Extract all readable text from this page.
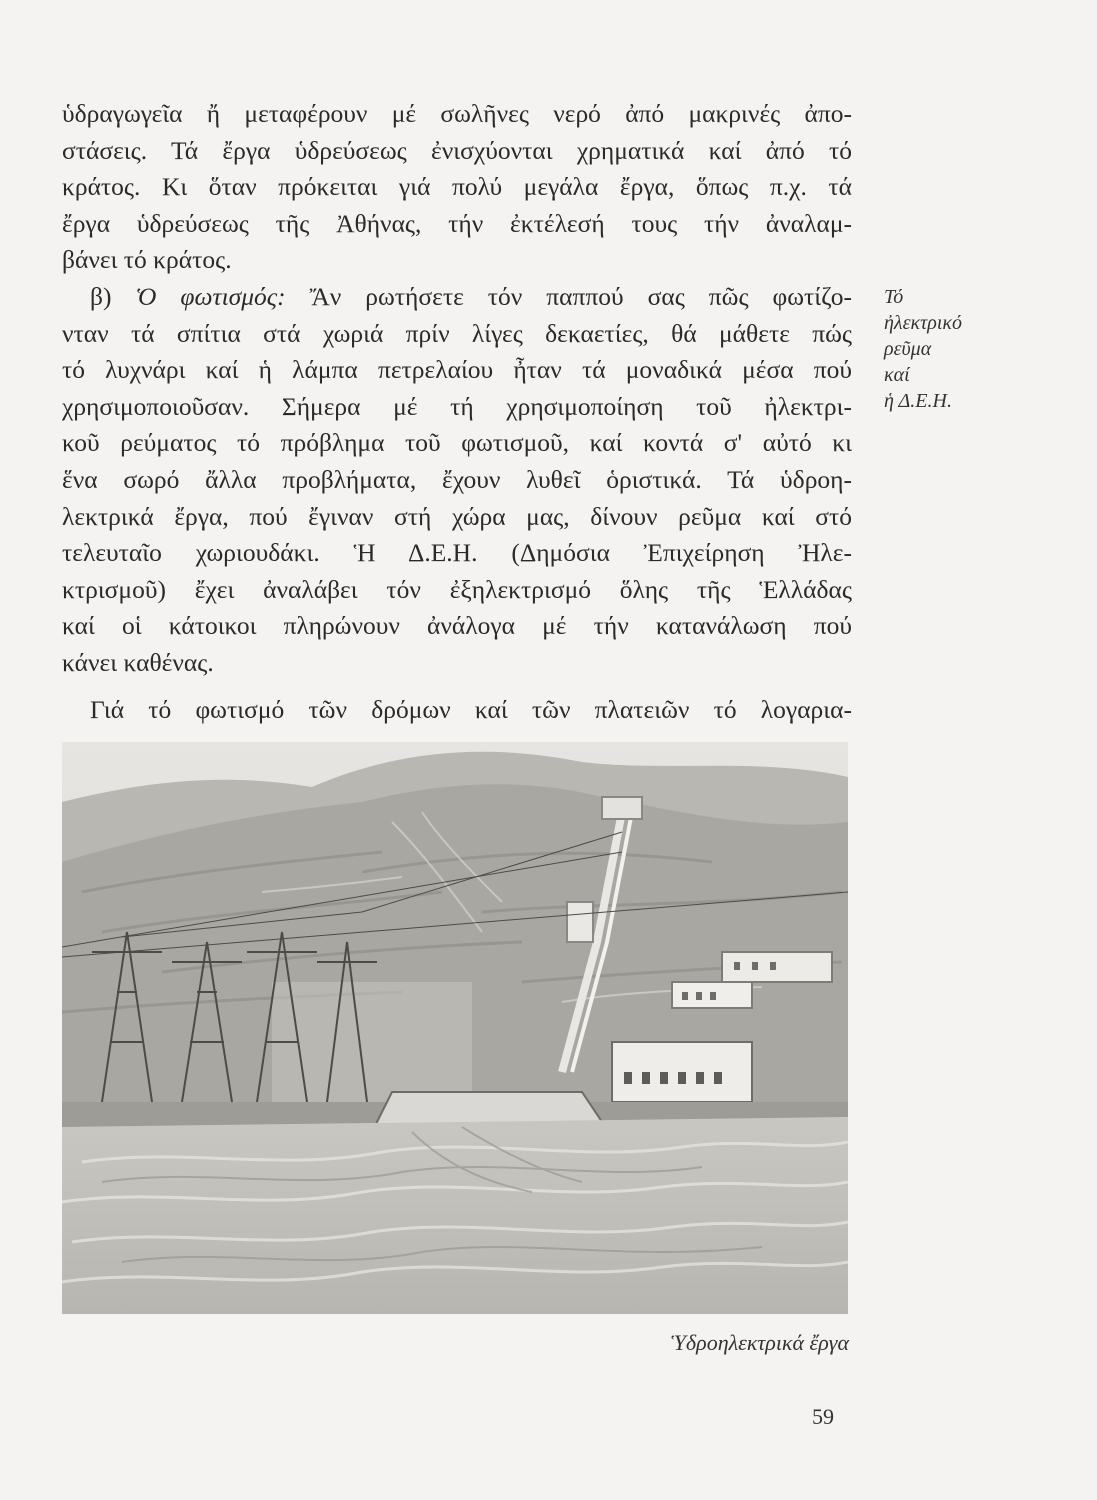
ὑδραγωγεῖα ἤ μεταφέρουν μέ σωλῆνες νερό ἀπό μακρινές ἀπο-
στάσεις. Τά ἔργα ὑδρεύσεως ἐνισχύονται χρηματικά καί ἀπό τό
κράτος. Κι ὅταν πρόκειται γιά πολύ μεγάλα ἔργα, ὅπως π.χ. τά
ἔργα ὑδρεύσεως τῆς Ἀθήνας, τήν ἐκτέλεσή τους τήν ἀναλαμ-
βάνει τό κράτος.
β) Ὁ φωτισμός: Ἄν ρωτήσετε τόν παππού σας πῶς φωτίζο-
νταν τά σπίτια στά χωριά πρίν λίγες δεκαετίες, θά μάθετε πώς
τό λυχνάρι καί ἡ λάμπα πετρελαίου ἦταν τά μοναδικά μέσα πού
χρησιμοποιοῦσαν. Σήμερα μέ τή χρησιμοποίηση τοῦ ἠλεκτρι-
κοῦ ρεύματος τό πρόβλημα τοῦ φωτισμοῦ, καί κοντά σ' αὐτό κι
ἕνα σωρό ἄλλα προβλήματα, ἔχουν λυθεῖ ὁριστικά. Τά ὑδροη-
λεκτρικά ἔργα, πού ἔγιναν στή χώρα μας, δίνουν ρεῦμα καί στό
τελευταῖο χωριουδάκι. Ἡ Δ.Ε.Η. (Δημόσια Ἐπιχείρηση Ἠλε-
κτρισμοῦ) ἔχει ἀναλάβει τόν ἐξηλεκτρισμό ὅλης τῆς Ἑλλάδας
καί οἱ κάτοικοι πληρώνουν ἀνάλογα μέ τήν κατανάλωση πού
κάνει καθένας.
Γιά τό φωτισμό τῶν δρόμων καί τῶν πλατειῶν τό λογαρια-
Τό
ἠλεκτρικό
ρεῦμα
καί
ἡ Δ.Ε.Η.
Ὑδροηλεκτρικά ἔργα
59
